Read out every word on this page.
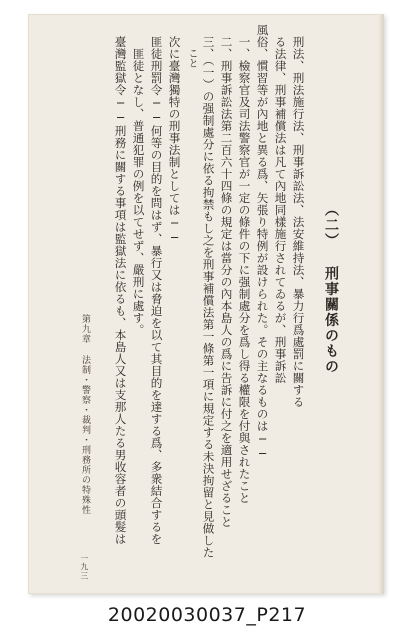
（二） 刑事關係のもの
刑法、刑法施行法、刑事訴訟法、法安維持法、暴力行爲處罰に關する
る法律、刑事補償法は凡て內地同樣施行されてゐるが、刑事訴訟
風俗、慣習等が內地と異る爲、矢張り特例が設けられた。その主なるものは──
一、檢察官及司法警察官が一定の條件の下に强制處分を爲し得る權限を付與されたこと
二、刑事訴訟法第二百六十四條の規定は當分の內本島人の爲に告訴に付之を適用せざること
三、（一）の强制處分に依る拘禁もし之を刑事補償法第一條第一項に規定する未決拘留と見做した
こと
次に臺灣獨特の刑事法制としては──
匪徒刑罰令──何等の目的を問はず、暴行又は脅迫を以て其目的を達する爲、多衆結合するを
匪徒となし、普通犯罪の例を以てせず、嚴刑に處す。
臺灣監獄令──刑務に關する事項は監獄法に依るも、本島人又は支那人たる男收容者の頭髮は
第九章 法制・警察・裁判・刑務所の特殊性
一九三
20020030037_P217
